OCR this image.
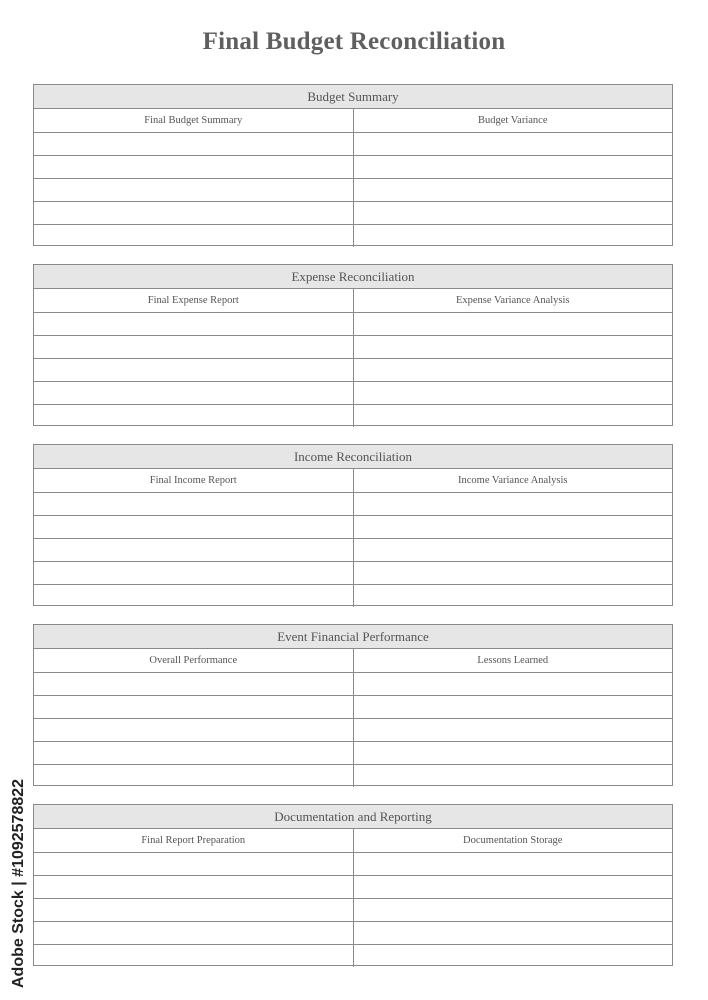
Final Budget Reconciliation
Budget Summary
Final Budget Summary	Budget Variance
Expense Reconciliation
Final Expense Report	Expense Variance Analysis
Income Reconciliation
Final Income Report	Income Variance Analysis
Event Financial Performance
Overall Performance	Lessons Learned
Documentation and Reporting
Final Report Preparation	Documentation Storage
Adobe Stock | #1092578822
